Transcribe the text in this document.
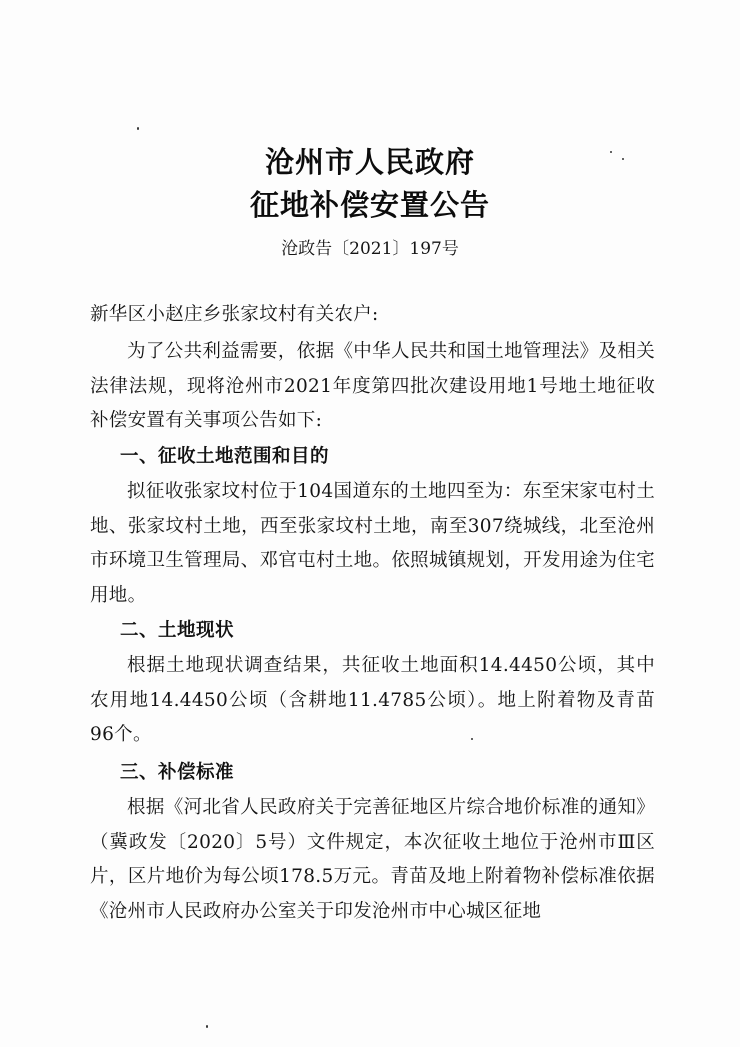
沧州市人民政府
征地补偿安置公告
沧政告〔2021〕197号
新华区小赵庄乡张家坟村有关农户:
为了公共利益需要，依据《中华人民共和国土地管理法》及相关法律法规，现将沧州市2021年度第四批次建设用地1号地土地征收补偿安置有关事项公告如下:
一、征收土地范围和目的
拟征收张家坟村位于104国道东的土地四至为：东至宋家屯村土地、张家坟村土地，西至张家坟村土地，南至307绕城线，北至沧州市环境卫生管理局、邓官屯村土地。依照城镇规划，开发用途为住宅用地。
二、土地现状
根据土地现状调查结果，共征收土地面积14.4450公顷，其中农用地14.4450公顷（含耕地11.4785公顷）。地上附着物及青苗96个。
三、补偿标准
根据《河北省人民政府关于完善征地区片综合地价标准的通知》（冀政发〔2020〕5号）文件规定，本次征收土地位于沧州市Ⅲ区片，区片地价为每公顷178.5万元。青苗及地上附着物补偿标准依据《沧州市人民政府办公室关于印发沧州市中心城区征地
